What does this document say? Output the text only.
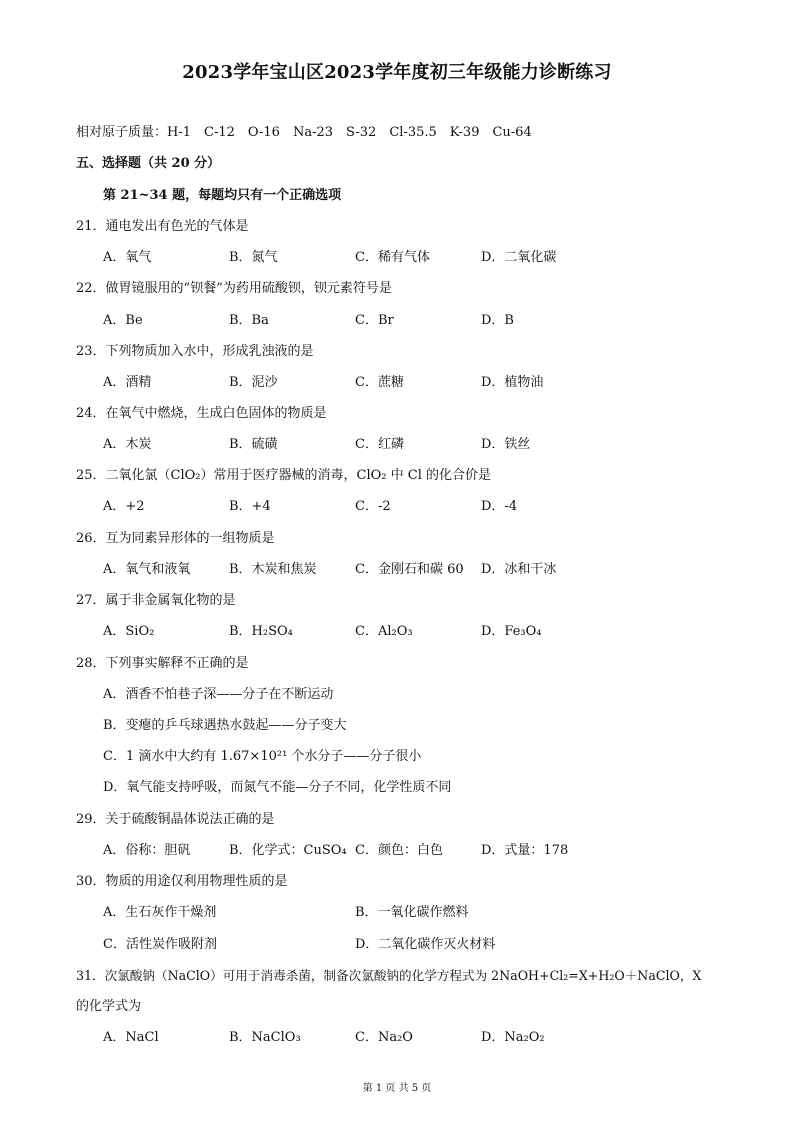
2023学年宝山区2023学年度初三年级能力诊断练习
相对原子质量：H-1　C-12　O-16　Na-23　S-32　Cl-35.5　K-39　Cu-64
五、选择题（共 20 分）
第 21~34 题，每题均只有一个正确选项
21．通电发出有色光的气体是
A．氧气	B．氮气	C．稀有气体	D．二氧化碳
22．做胃镜服用的“钡餐”为药用硫酸钡，钡元素符号是
A．Be	B．Ba	C．Br	D．B
23．下列物质加入水中，形成乳浊液的是
A．酒精	B．泥沙	C．蔗糖	D．植物油
24．在氧气中燃烧，生成白色固体的物质是
A．木炭	B．硫磺	C．红磷	D．铁丝
25．二氧化氯（ClO₂）常用于医疗器械的消毒，ClO₂ 中 Cl 的化合价是
A．+2	B．+4	C．-2	D．-4
26．互为同素异形体的一组物质是
A．氧气和液氧	B．木炭和焦炭	C．金刚石和碳 60 D．冰和干冰
27．属于非金属氧化物的是
A．SiO₂	B．H₂SO₄	C．Al₂O₃	D．Fe₃O₄
28．下列事实解释不正确的是
A．酒香不怕巷子深——分子在不断运动
B．变瘪的乒乓球遇热水鼓起——分子变大
C．1 滴水中大约有 1.67×10²¹ 个水分子——分子很小
D．氧气能支持呼吸，而氮气不能—分子不同，化学性质不同
29．关于硫酸铜晶体说法正确的是
A．俗称：胆矾	B．化学式：CuSO₄ C．颜色：白色	D．式量：178
30．物质的用途仅利用物理性质的是
A．生石灰作干燥剂	B．一氧化碳作燃料
C．活性炭作吸附剂	D．二氧化碳作灭火材料
31．次氯酸钠（NaClO）可用于消毒杀菌，制备次氯酸钠的化学方程式为 2NaOH+Cl₂=X+H₂O＋NaClO，X
的化学式为
A．NaCl	B．NaClO₃	C．Na₂O	D．Na₂O₂
第 1 页 共 5 页
